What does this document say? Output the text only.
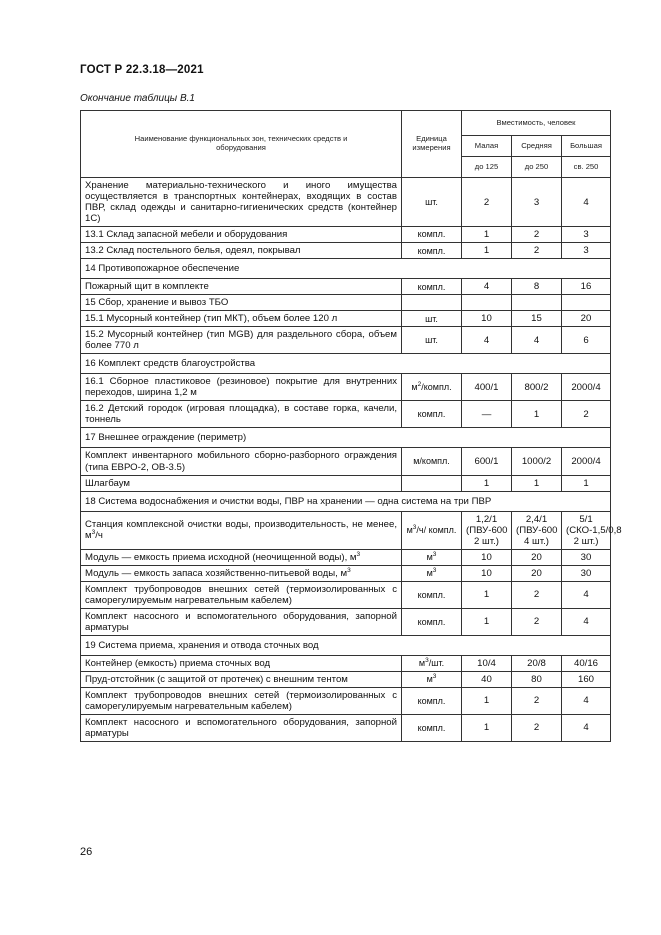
ГОСТ Р 22.3.18—2021
Окончание таблицы В.1
Наименование функциональных зон, технических средств и оборудования	Единица измерения	Вместимость, человек		
		Малая	Средняя	Большая
		до 125	до 250	св. 250
Хранение материально-технического и иного имущества осуществляется в транспортных контейнерах, входящих в состав ПВР, склад одежды и санитарно-гигиенических средств (контейнер 1С)	шт.	2	3	4
13.1 Склад запасной мебели и оборудования	компл.	1	2	3
13.2 Склад постельного белья, одеял, покрывал	компл.	1	2	3
14 Противопожарное обеспечение				
Пожарный щит в комплекте	компл.	4	8	16
15 Сбор, хранение и вывоз ТБО				
15.1 Мусорный контейнер (тип МКТ), объем более 120 л	шт.	10	15	20
15.2 Мусорный контейнер (тип MGB) для раздельного сбора, объем более 770 л	шт.	4	4	6
16 Комплект средств благоустройства				
16.1 Сборное пластиковое (резиновое) покрытие для внутренних переходов, ширина 1,2 м	$м^2$/компл.	400/1	800/2	2000/4
16.2 Детский городок (игровая площадка), в составе горка, качели, тоннель	компл.	—	1	2
17 Внешнее ограждение (периметр)				
Комплект инвентарного мобильного сборно-разборного ограждения (типа ЕВРО-2, ОВ-3.5)	м/компл.	600/1	1000/2	2000/4
Шлагбаум		1	1	1
18 Система водоснабжения и очистки воды, ПВР на хранении — одна система на три ПВР				
Станция комплексной очистки воды, производительность, не менее, $м^3/ч$	$м^3/ч/$ компл.	1,2/1 (ПВУ-600 2 шт.)	2,4/1 (ПВУ-600 4 шт.)	5/1 (СКО-1,5/0,8 2 шт.)
Модуль — емкость приема исходной (неочищенной воды), $м^3$	$м^3$	10	20	30
Модуль — емкость запаса хозяйственно-питьевой воды, $м^3$	$м^3$	10	20	30
Комплект трубопроводов внешних сетей (термоизолированных с саморегулируемым нагревательным кабелем)	компл.	1	2	4
Комплект насосного и вспомогательного оборудования, запорной арматуры	компл.	1	2	4
19 Система приема, хранения и отвода сточных вод				
Контейнер (емкость) приема сточных вод	$м^3/шт$.	10/4	20/8	40/16
Пруд-отстойник (с защитой от протечек) с внешним тентом	$м^3$	40	80	160
Комплект трубопроводов внешних сетей (термоизолированных с саморегулируемым нагревательным кабелем)	компл.	1	2	4
Комплект насосного и вспомогательного оборудования, запорной арматуры	компл.	1	2	4
26
